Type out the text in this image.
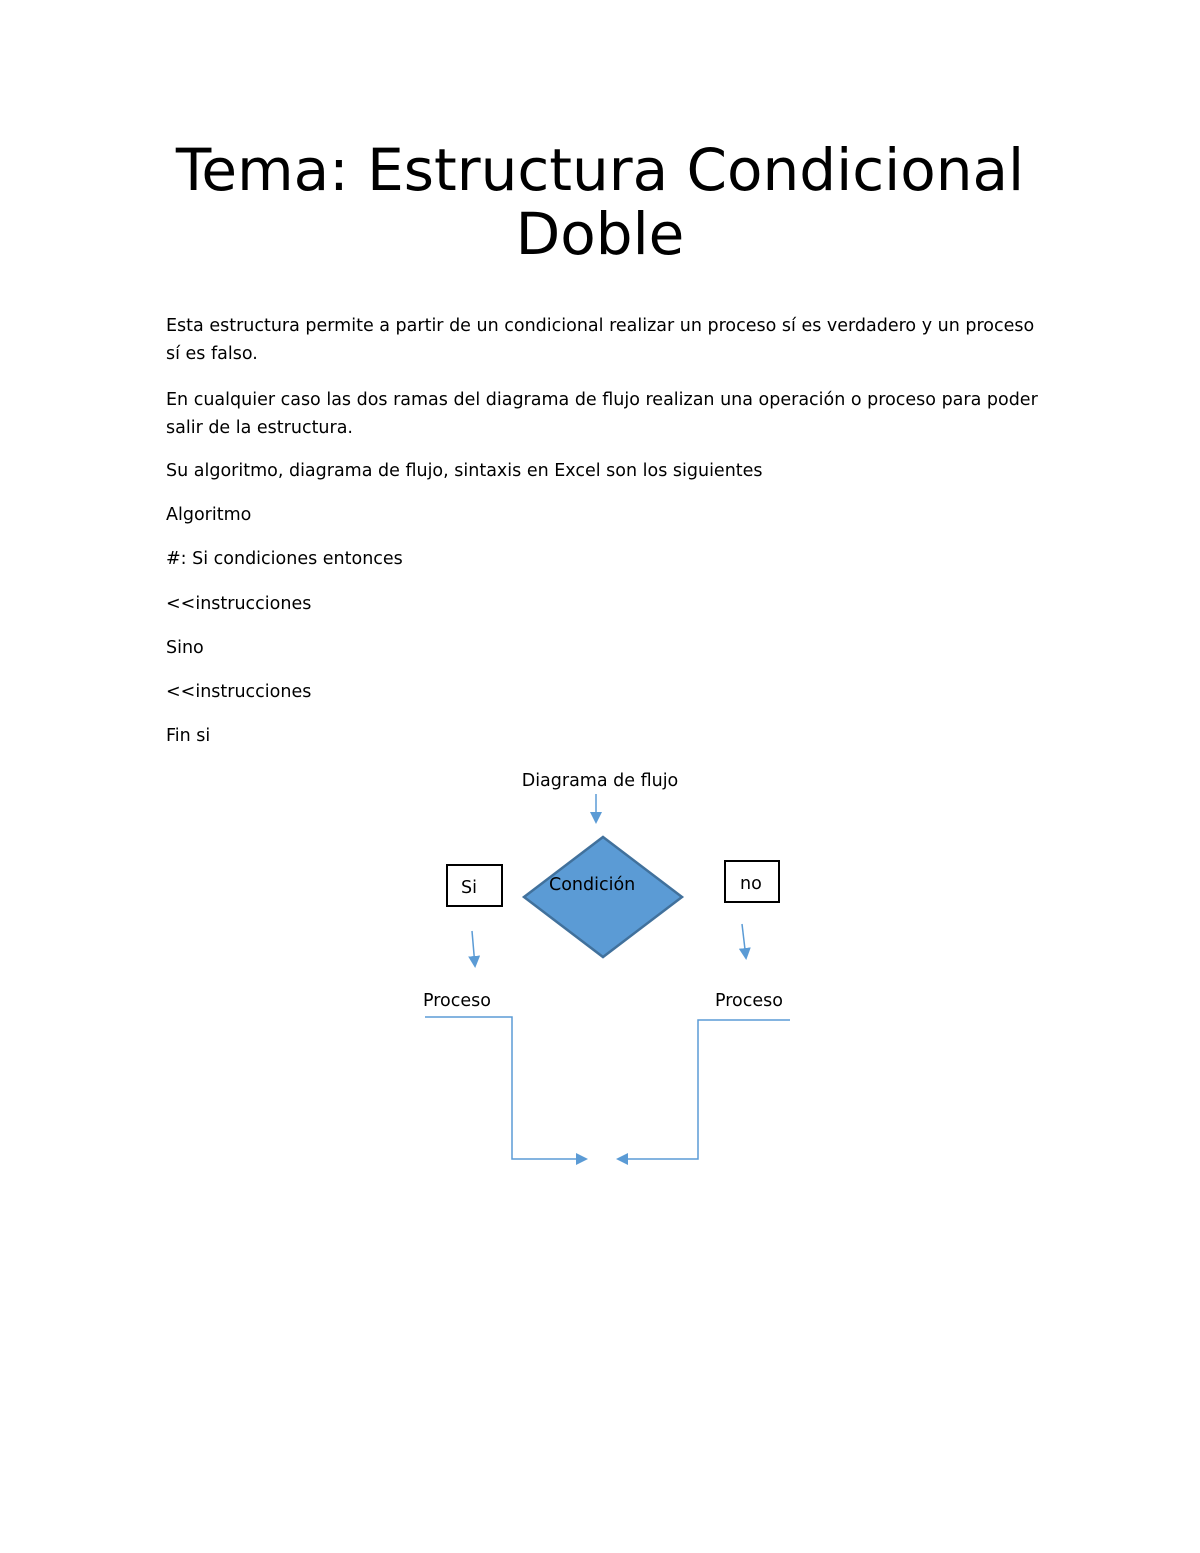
Tema: Estructura Condicional
Doble

Esta estructura permite a partir de un condicional realizar un proceso sí es verdadero y un proceso sí es falso.

En cualquier caso las dos ramas del diagrama de flujo realizan una operación o proceso para poder salir de la estructura.

Su algoritmo, diagrama de flujo, sintaxis en Excel son los siguientes

Algoritmo

#: Si condiciones entonces

<<instrucciones

Sino

<<instrucciones

Fin si

Diagrama de flujo
Condición
Si	no
Proceso	Proceso
